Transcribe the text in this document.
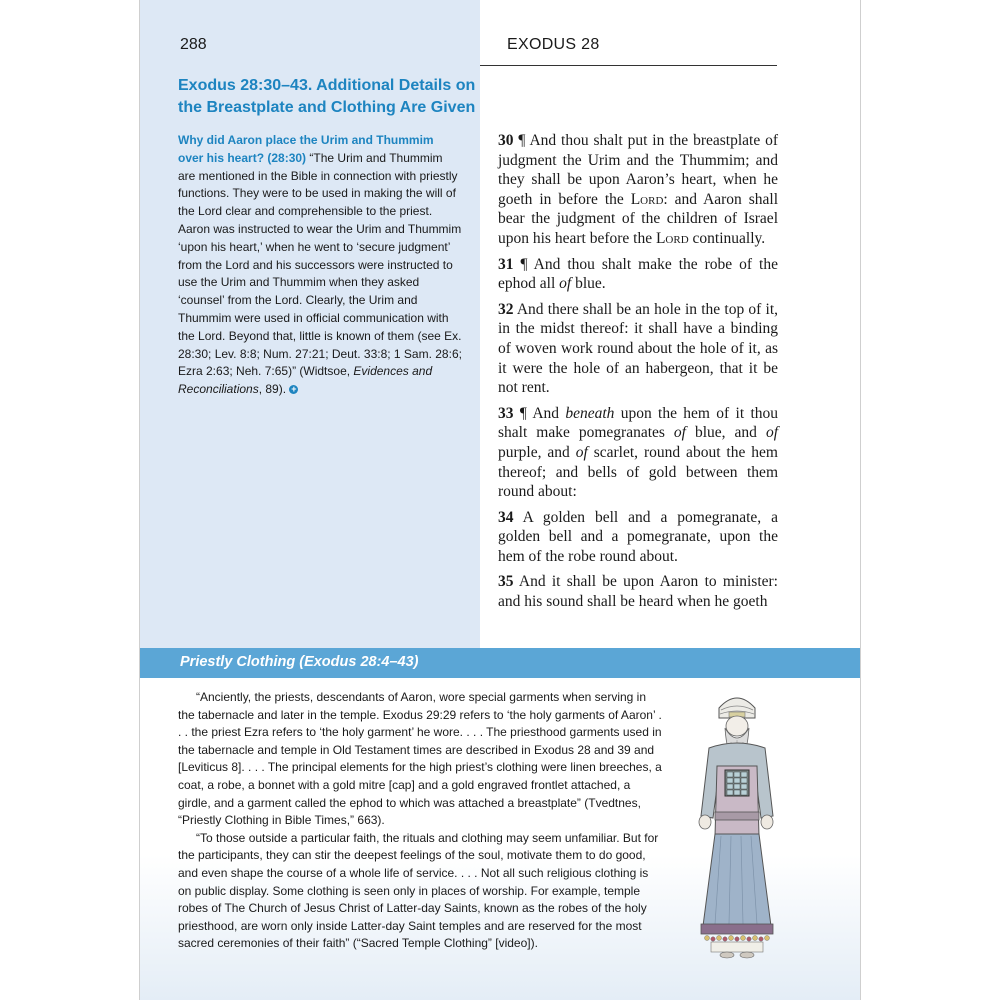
288	EXODUS 28
Exodus 28:30–43. Additional Details on the Breastplate and Clothing Are Given

Why did Aaron place the Urim and Thummim over his heart? (28:30) “The Urim and Thummim are mentioned in the Bible in connection with priestly functions. They were to be used in making the will of the Lord clear and comprehensible to the priest. Aaron was instructed to wear the Urim and Thummim ‘upon his heart,’ when he went to ‘secure judgment’ from the Lord and his successors were instructed to use the Urim and Thummim when they asked ‘counsel’ from the Lord. Clearly, the Urim and Thummim were used in official communication with the Lord. Beyond that, little is known of them (see Ex. 28:30; Lev. 8:8; Num. 27:21; Deut. 33:8; 1 Sam. 28:6; Ezra 2:63; Neh. 7:65)” (Widtsoe, Evidences and Reconciliations, 89). +

30 ¶ And thou shalt put in the breastplate of judgment the Urim and the Thummim; and they shall be upon Aaron’s heart, when he goeth in before the Lord: and Aaron shall bear the judgment of the children of Israel upon his heart before the Lord continually.

31 ¶ And thou shalt make the robe of the ephod all of blue.

32 And there shall be an hole in the top of it, in the midst thereof: it shall have a binding of woven work round about the hole of it, as it were the hole of an habergeon, that it be not rent.

33 ¶ And beneath upon the hem of it thou shalt make pomegranates of blue, and of purple, and of scarlet, round about the hem thereof; and bells of gold between them round about:

34 A golden bell and a pomegranate, a golden bell and a pomegranate, upon the hem of the robe round about.

35 And it shall be upon Aaron to minister: and his sound shall be heard when he goeth

Priestly Clothing (Exodus 28:4–43)

“Anciently, the priests, descendants of Aaron, wore special garments when serving in the tabernacle and later in the temple. Exodus 29:29 refers to ‘the holy garments of Aaron’ . . . the priest Ezra refers to ‘the holy garment’ he wore. . . . The priesthood garments used in the tabernacle and temple in Old Testament times are described in Exodus 28 and 39 and [Leviticus 8]. . . . The principal elements for the high priest’s clothing were linen breeches, a coat, a robe, a bonnet with a gold mitre [cap] and a gold engraved frontlet attached, a girdle, and a garment called the ephod to which was attached a breastplate” (Tvedtnes, “Priestly Clothing in Bible Times,” 663).

“To those outside a particular faith, the rituals and clothing may seem unfamiliar. But for the participants, they can stir the deepest feelings of the soul, motivate them to do good, and even shape the course of a whole life of service. . . . Not all such religious clothing is on public display. Some clothing is seen only in places of worship. For example, temple robes of The Church of Jesus Christ of Latter-day Saints, known as the robes of the holy priesthood, are worn only inside Latter-day Saint temples and are reserved for the most sacred ceremonies of their faith” (“Sacred Temple Clothing” [video]).
